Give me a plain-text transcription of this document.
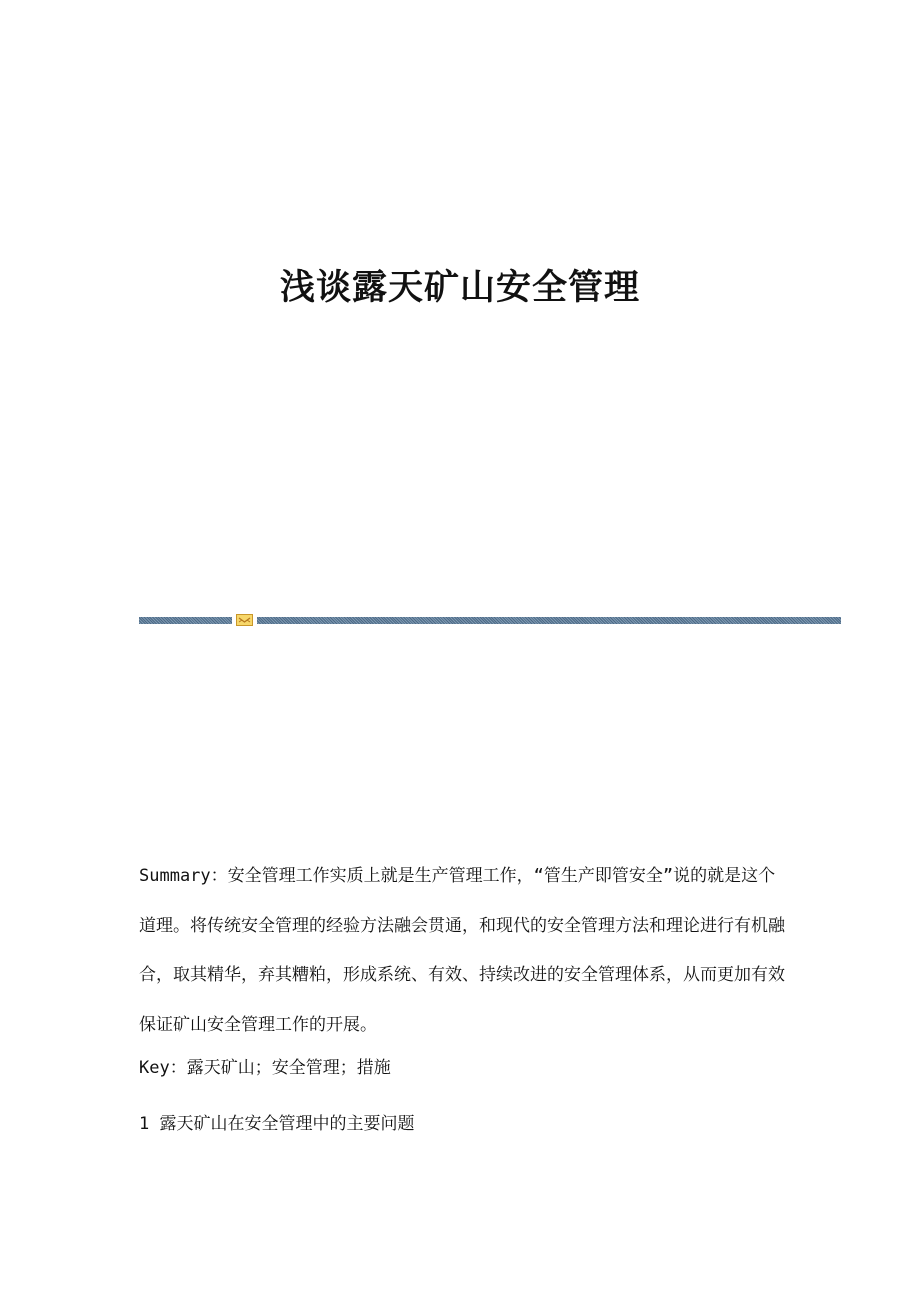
浅谈露天矿山安全管理
Summary：安全管理工作实质上就是生产管理工作，“管生产即管安全”说的就是这个道理。将传统安全管理的经验方法融会贯通，和现代的安全管理方法和理论进行有机融合，取其精华，弃其糟粕，形成系统、有效、持续改进的安全管理体系，从而更加有效保证矿山安全管理工作的开展。
Key：露天矿山；安全管理；措施
1 露天矿山在安全管理中的主要问题
